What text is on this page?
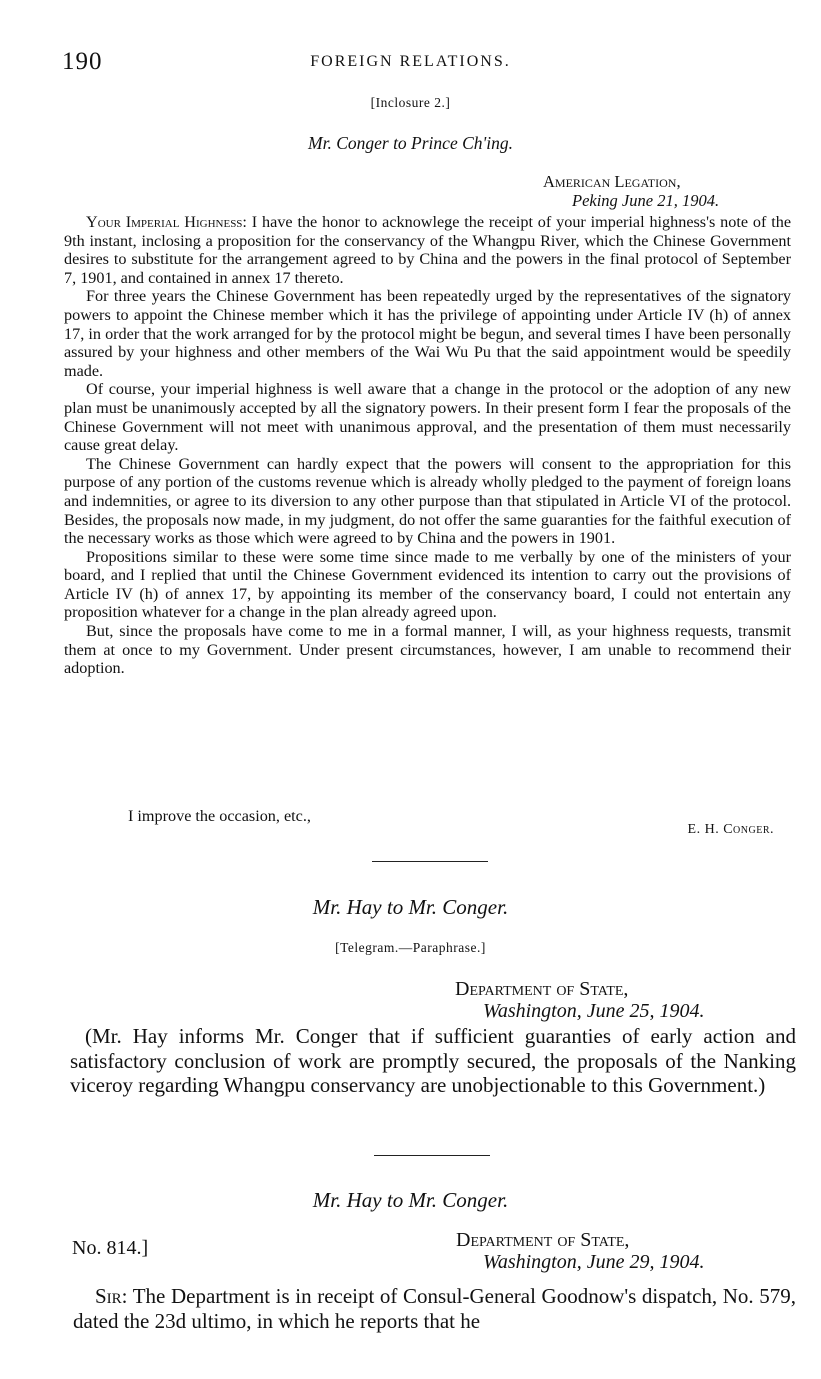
190	FOREIGN RELATIONS.
[Inclosure 2.]
Mr. Conger to Prince Ch'ing.
American Legation,
Peking June 21, 1904.

Your Imperial Highness: I have the honor to acknowlege the receipt of your imperial highness's note of the 9th instant, inclosing a proposition for the conservancy of the Whangpu River, which the Chinese Government desires to substitute for the arrangement agreed to by China and the powers in the final protocol of September 7, 1901, and contained in annex 17 thereto.

For three years the Chinese Government has been repeatedly urged by the representatives of the signatory powers to appoint the Chinese member which it has the privilege of appointing under Article IV (h) of annex 17, in order that the work arranged for by the protocol might be begun, and several times I have been personally assured by your highness and other members of the Wai Wu Pu that the said appointment would be speedily made.

Of course, your imperial highness is well aware that a change in the protocol or the adoption of any new plan must be unanimously accepted by all the signatory powers. In their present form I fear the proposals of the Chinese Government will not meet with unanimous approval, and the presentation of them must necessarily cause great delay.

The Chinese Government can hardly expect that the powers will consent to the appropriation for this purpose of any portion of the customs revenue which is already wholly pledged to the payment of foreign loans and indemnities, or agree to its diversion to any other purpose than that stipulated in Article VI of the protocol. Besides, the proposals now made, in my judgment, do not offer the same guaranties for the faithful execution of the necessary works as those which were agreed to by China and the powers in 1901.

Propositions similar to these were some time since made to me verbally by one of the ministers of your board, and I replied that until the Chinese Government evidenced its intention to carry out the provisions of Article IV (h) of annex 17, by appointing its member of the conservancy board, I could not entertain any proposition whatever for a change in the plan already agreed upon.

But, since the proposals have come to me in a formal manner, I will, as your highness requests, transmit them at once to my Government. Under present circumstances, however, I am unable to recommend their adoption.

I improve the occasion, etc.,
E. H. Conger.
Mr. Hay to Mr. Conger.
[Telegram.—Paraphrase.]
Department of State,
Washington, June 25, 1904.

(Mr. Hay informs Mr. Conger that if sufficient guaranties of early action and satisfactory conclusion of work are promptly secured, the proposals of the Nanking viceroy regarding Whangpu conservancy are unobjectionable to this Government.)

Mr. Hay to Mr. Conger.
No. 814.]	Department of State,
Washington, June 29, 1904.

Sir: The Department is in receipt of Consul-General Goodnow's dispatch, No. 579, dated the 23d ultimo, in which he reports that he
